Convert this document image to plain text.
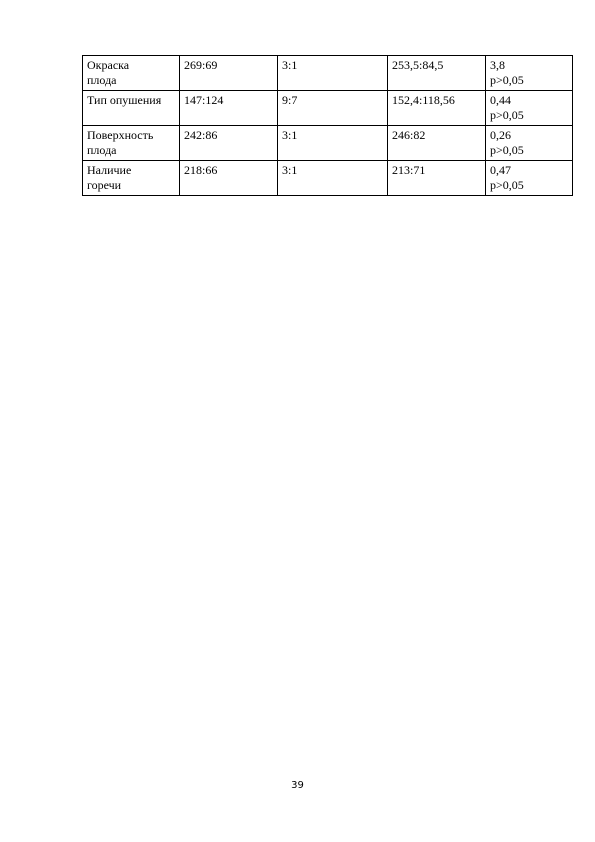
Окраска
плода	269:69	3:1	253,5:84,5	3,8
p>0,05

Тип опушения	147:124	9:7	152,4:118,56	0,44
p>0,05

Поверхность
плода	242:86	3:1	246:82	0,26
p>0,05

Наличие
горечи	218:66	3:1	213:71	0,47
p>0,05
39
